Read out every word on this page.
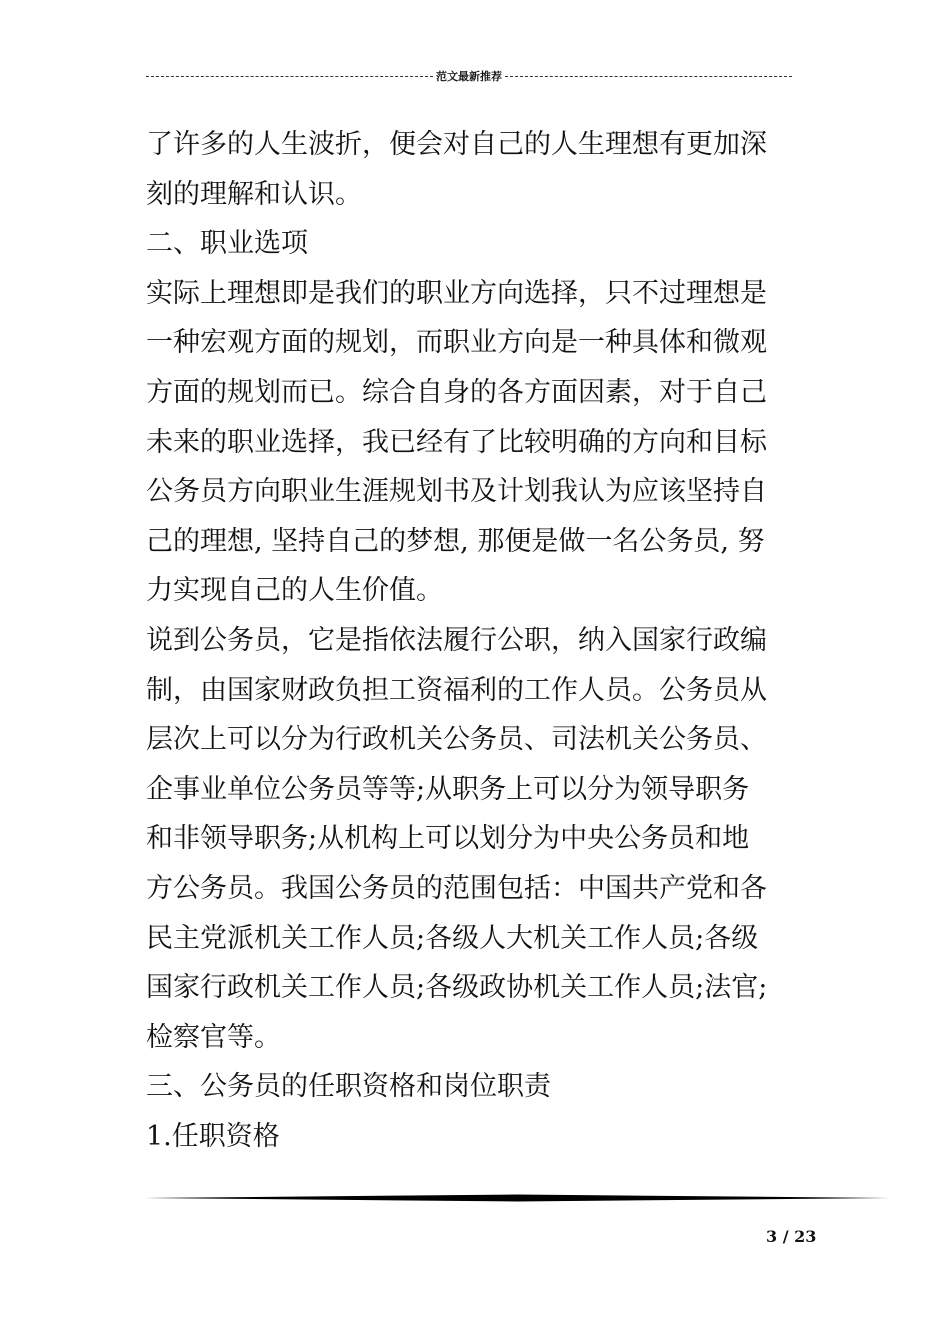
范文最新推荐
了许多的人生波折，便会对自己的人生理想有更加深
刻的理解和认识。
二、职业选项
实际上理想即是我们的职业方向选择，只不过理想是
一种宏观方面的规划，而职业方向是一种具体和微观
方面的规划而已。综合自身的各方面因素，对于自己
未来的职业选择，我已经有了比较明确的方向和目标
公务员方向职业生涯规划书及计划我认为应该坚持自
己的理想, 坚持自己的梦想, 那便是做一名公务员, 努
力实现自己的人生价值。
说到公务员，它是指依法履行公职，纳入国家行政编
制，由国家财政负担工资福利的工作人员。公务员从
层次上可以分为行政机关公务员、司法机关公务员、
企事业单位公务员等等;从职务上可以分为领导职务
和非领导职务;从机构上可以划分为中央公务员和地
方公务员。我国公务员的范围包括：中国共产党和各
民主党派机关工作人员;各级人大机关工作人员;各级
国家行政机关工作人员;各级政协机关工作人员;法官;
检察官等。
三、公务员的任职资格和岗位职责
1.任职资格
3 / 23
